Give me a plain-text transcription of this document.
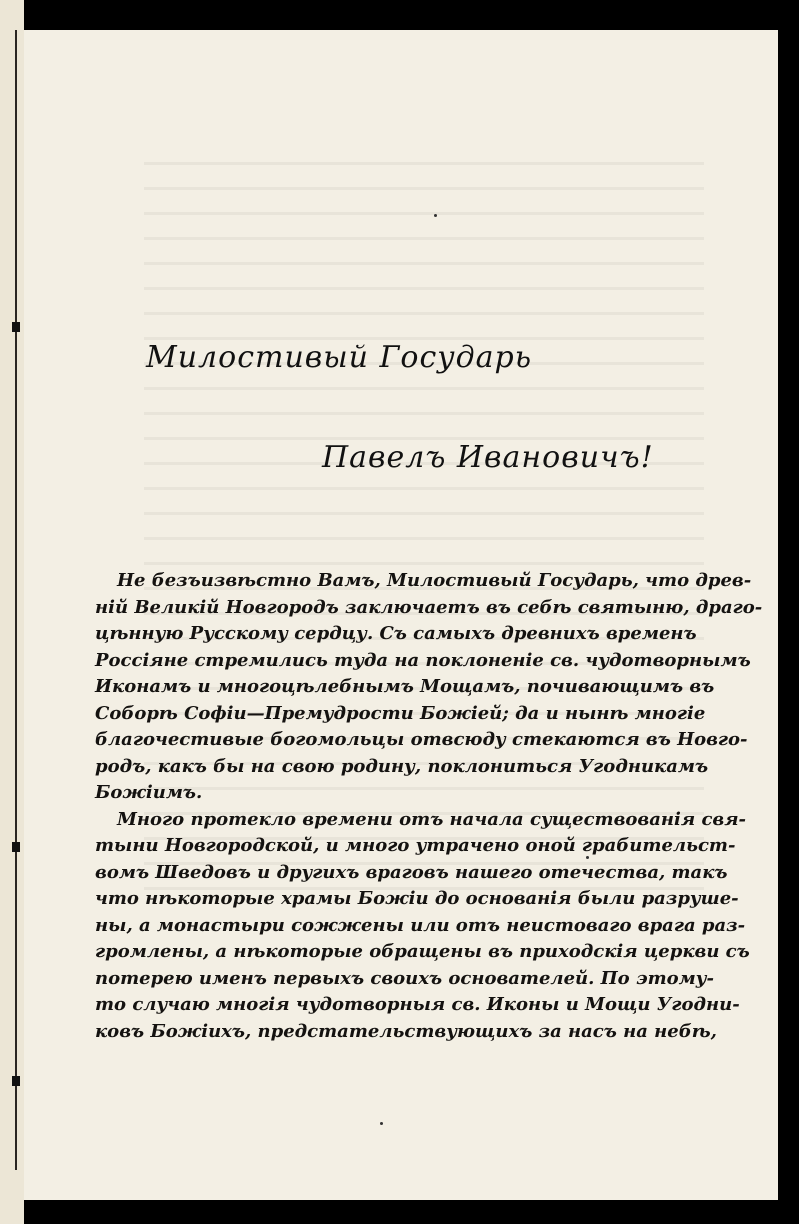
Милостивый Государь
Павелъ Ивановичъ!
Не безъизвѣстно Вамъ, Милостивый Государь, что древ-
ній Великій Новгородъ заключаетъ въ себѣ святыню, драго-
цѣнную Русскому сердцу. Съ самыхъ древнихъ временъ
Россіяне стремились туда на поклоненіе св. чудотворнымъ
Иконамъ и многоцѣлебнымъ Мощамъ, почивающимъ въ
Соборѣ Софіи—Премудрости Божіей; да и нынѣ многіе
благочестивые богомольцы отвсюду стекаются въ Новго-
родъ, какъ бы на свою родину, поклониться Угодникамъ
Божіимъ.
Много протекло времени отъ начала существованія свя-
тыни Новгородской, и много утрачено оной грабительст-
вомъ Шведовъ и другихъ враговъ нашего отечества, такъ
что нѣкоторые храмы Божіи до основанія были разруше-
ны, а монастыри сожжены или отъ неистоваго врага раз-
громлены, а нѣкоторые обращены въ приходскія церкви съ
потерею именъ первыхъ своихъ основателей. По этому-
то случаю многія чудотворныя св. Иконы и Мощи Угодни-
ковъ Божіихъ, предстательствующихъ за насъ на небѣ,
